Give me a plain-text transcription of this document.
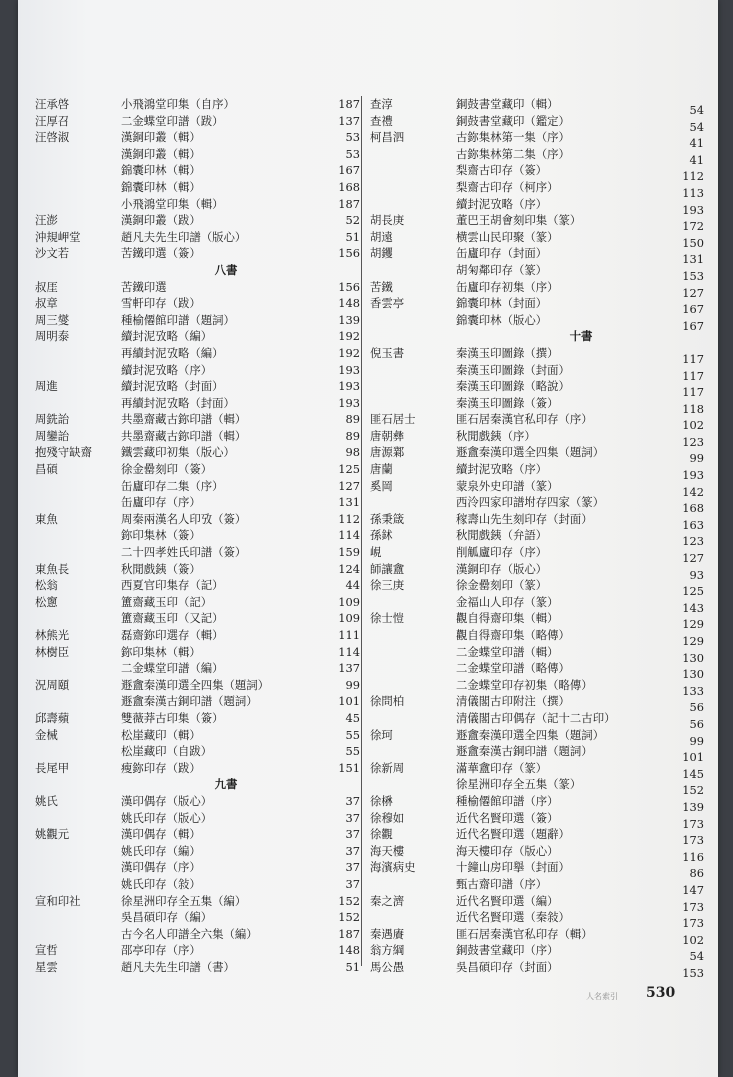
汪承啓	小飛鴻堂印集（自序）	187
汪厚召	二金蝶堂印譜（跋）	137
汪啓淑	漢銅印叢（輯）	53
漢銅印叢（輯）	53
錦囊印林（輯）	167
錦囊印林（輯）	168
小飛鴻堂印集（輯）	187
汪澎	漢銅印叢（跋）	52
沖規岬堂	趙凡夫先生印譜（版心）	51
沙文若	苦鐵印選（簽）	156
八書
叔厓	苦鐵印選	156
叔章	雪軒印存（跋）	148
周三燮	種榆僊館印譜（題詞）	139
周明泰	續封泥攷略（編）	192
再續封泥攷略（編）	192
續封泥攷略（序）	193
周進	續封泥攷略（封面）	193
再續封泥攷略（封面）	193
周銑詒	共墨齋藏古鉨印譜（輯）	89
周鑾詒	共墨齋藏古鉨印譜（輯）	89
抱殘守缺齋	鐵雲藏印初集（版心）	98
昌碩	徐金罍刻印（簽）	125
缶廬印存二集（序）	127
缶廬印存（序）	131
東魚	周秦兩漢名人印攷（簽）	112
鉨印集林（簽）	114
二十四孝姓氏印譜（簽）	159
東魚長	秋閒戲銕（簽）	124
松翁	西夏官印集存（記）	44
松窻	簠齋藏玉印（記）	109
簠齋藏玉印（又記）	109
林熊光	磊齋鉨印選存（輯）	111
林樹臣	鉨印集林（輯）	114
二金蝶堂印譜（編）	137
況周頤	遯盦秦漢印選全四集（題詞）	99
遯盦秦漢古銅印譜（題詞）	101
邱壽蘋	雙薇莽古印集（簽）	45
金械	松崖藏印（輯）	55
松崖藏印（自跋）	55
長尾甲	瘦鉨印存（跋）	151
九書
姚氏	漢印偶存（版心）	37
姚氏印存（版心）	37
姚觀元	漢印偶存（輯）	37
姚氏印存（編）	37
漢印偶存（序）	37
姚氏印存（敍）	37
宣和印社	徐星洲印存全五集（編）	152
吳昌碩印存（編）	152
古今名人印譜全六集（編）	187
宣哲	邵亭印存（序）	148
星雲	趙凡夫先生印譜（書）	51
查淳	銅鼓書堂藏印（輯）	54
查禮	銅鼓書堂藏印（鑑定）	54
柯昌泗	古鉨集林第一集（序）	41
古鉨集林第二集（序）	41
梨齋古印存（簽）	112
梨齋古印存（柯序）	113
續封泥攷略（序）	193
胡長庚	董巴王胡會刻印集（篆）	172
胡遠	横雲山民印聚（篆）	150
胡钁	缶廬印存（封面）	131
胡匊鄰印存（篆）	153
苦鐵	缶廬印存初集（序）	127
香雲亭	錦囊印林（封面）	167
錦囊印林（版心）	167
十書
倪玉書	秦漢玉印圖錄（撰）	117
秦漢玉印圖錄（封面）	117
秦漢玉印圖錄（略說）	117
秦漢玉印圖錄（簽）	118
匪石居士	匪石居秦漢官私印存（序）	102
唐朝彝	秋閒戲銕（序）	123
唐源鄴	遯盦秦漢印選全四集（題詞）	99
唐蘭	續封泥攷略（序）	193
奚岡	蒙泉外史印譜（篆）	142
西泠四家印譜坿存四家（篆）	168
孫秉箴	稼壽山先生刻印存（封面）	163
孫鉥	秋閒戲銕（弁語）	123
峴	削觚廬印存（序）	127
師讓盦	漢銅印存（版心）	93
徐三庚	徐金罍刻印（篆）	125
金福山人印存（篆）	143
徐士愷	觀自得齋印集（輯）	129
觀自得齋印集（略傳）	129
二金蝶堂印譜（輯）	130
二金蝶堂印譜（略傳）	130
二金蝶堂印存初集（略傳）	133
徐問柏	清儀閣古印附注（撰）	56
清儀閣古印偶存（記十二古印）	56
徐珂	遯盦秦漢印選全四集（題詞）	99
遯盦秦漢古銅印譜（題詞）	101
徐新周	滿華盦印存（篆）	145
徐星洲印存全五集（篆）	152
徐楙	種榆僊館印譜（序）	139
徐穆如	近代名賢印選（簽）	173
徐觀	近代名賢印選（題辭）	173
海天樓	海天樓印存（版心）	116
海濱病史	十鐘山房印擧（封面）	86
甄古齋印譜（序）	147
秦之濟	近代名賢印選（編）	173
近代名賢印選（秦敍）	173
秦遇賡	匪石居秦漢官私印存（輯）	102
翁方綱	銅鼓書堂藏印（序）	54
馬公愚	吳昌碩印存（封面）	153
人名索引 530
